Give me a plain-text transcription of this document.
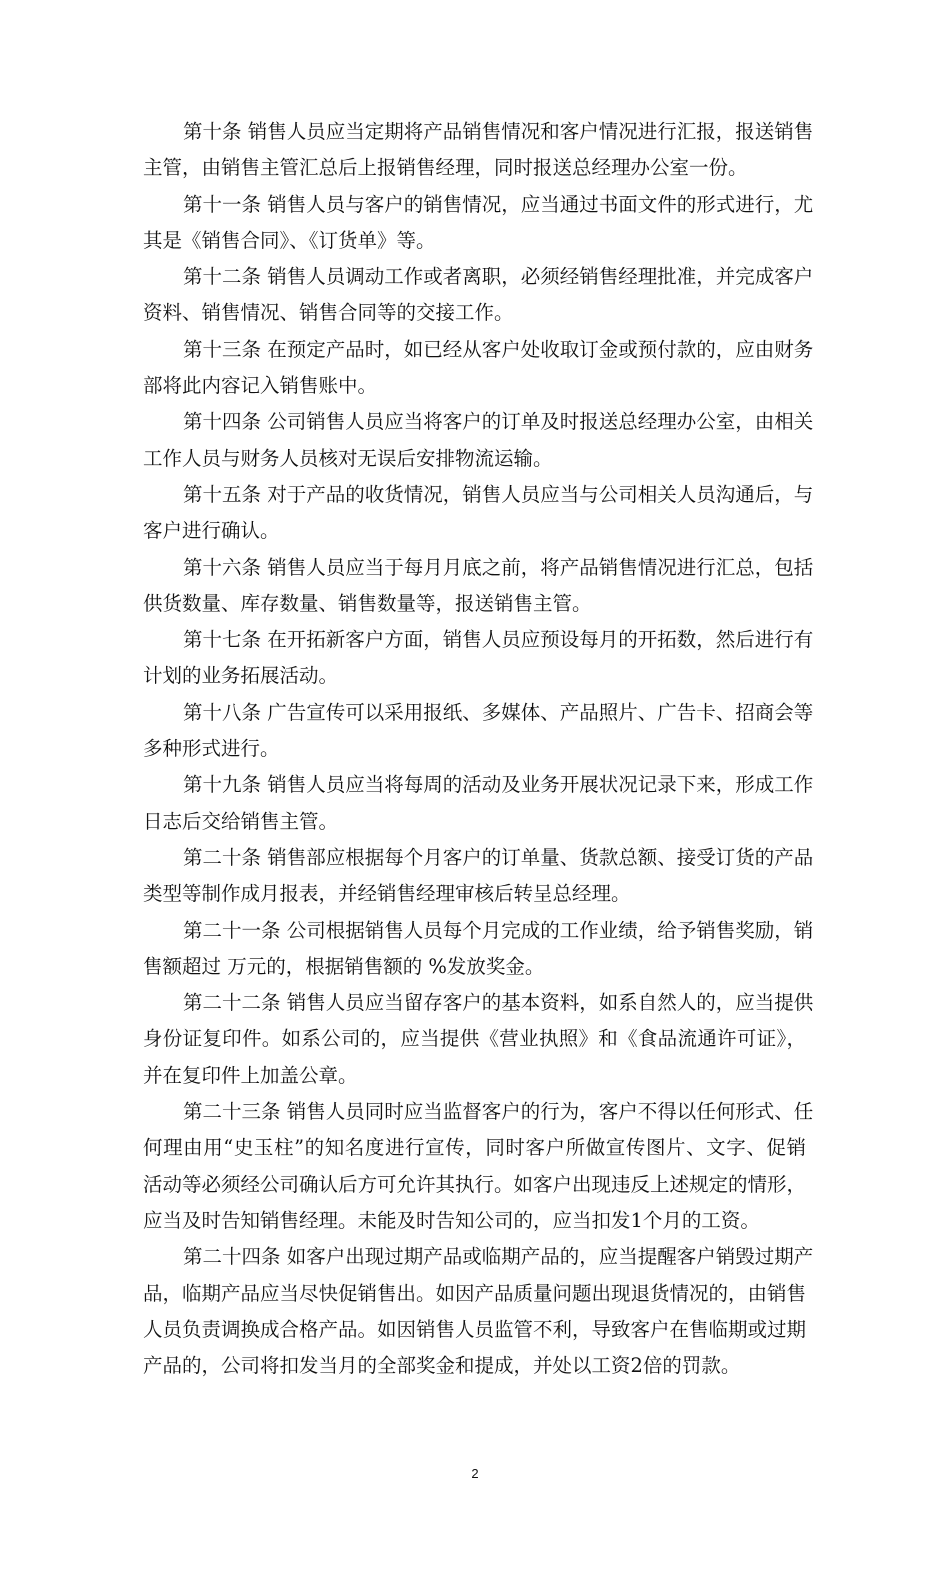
第十条 销售人员应当定期将产品销售情况和客户情况进行汇报，报送销售
主管，由销售主管汇总后上报销售经理，同时报送总经理办公室一份。
第十一条 销售人员与客户的销售情况，应当通过书面文件的形式进行，尤
其是《销售合同》、《订货单》等。
第十二条 销售人员调动工作或者离职，必须经销售经理批准，并完成客户
资料、销售情况、销售合同等的交接工作。
第十三条 在预定产品时，如已经从客户处收取订金或预付款的，应由财务
部将此内容记入销售账中。
第十四条 公司销售人员应当将客户的订单及时报送总经理办公室，由相关
工作人员与财务人员核对无误后安排物流运输。
第十五条 对于产品的收货情况，销售人员应当与公司相关人员沟通后，与
客户进行确认。
第十六条 销售人员应当于每月月底之前，将产品销售情况进行汇总，包括
供货数量、库存数量、销售数量等，报送销售主管。
第十七条 在开拓新客户方面，销售人员应预设每月的开拓数，然后进行有
计划的业务拓展活动。
第十八条 广告宣传可以采用报纸、多媒体、产品照片、广告卡、招商会等
多种形式进行。
第十九条 销售人员应当将每周的活动及业务开展状况记录下来，形成工作
日志后交给销售主管。
第二十条 销售部应根据每个月客户的订单量、货款总额、接受订货的产品
类型等制作成月报表，并经销售经理审核后转呈总经理。
第二十一条 公司根据销售人员每个月完成的工作业绩，给予销售奖励，销
售额超过 万元的，根据销售额的 %发放奖金。
第二十二条 销售人员应当留存客户的基本资料，如系自然人的，应当提供
身份证复印件。如系公司的，应当提供《营业执照》和《食品流通许可证》，
并在复印件上加盖公章。
第二十三条 销售人员同时应当监督客户的行为，客户不得以任何形式、任
何理由用“史玉柱”的知名度进行宣传，同时客户所做宣传图片、文字、促销
活动等必须经公司确认后方可允许其执行。如客户出现违反上述规定的情形，
应当及时告知销售经理。未能及时告知公司的，应当扣发1个月的工资。
第二十四条 如客户出现过期产品或临期产品的，应当提醒客户销毁过期产
品，临期产品应当尽快促销售出。如因产品质量问题出现退货情况的，由销售
人员负责调换成合格产品。如因销售人员监管不利，导致客户在售临期或过期
产品的，公司将扣发当月的全部奖金和提成，并处以工资2倍的罚款。
2
